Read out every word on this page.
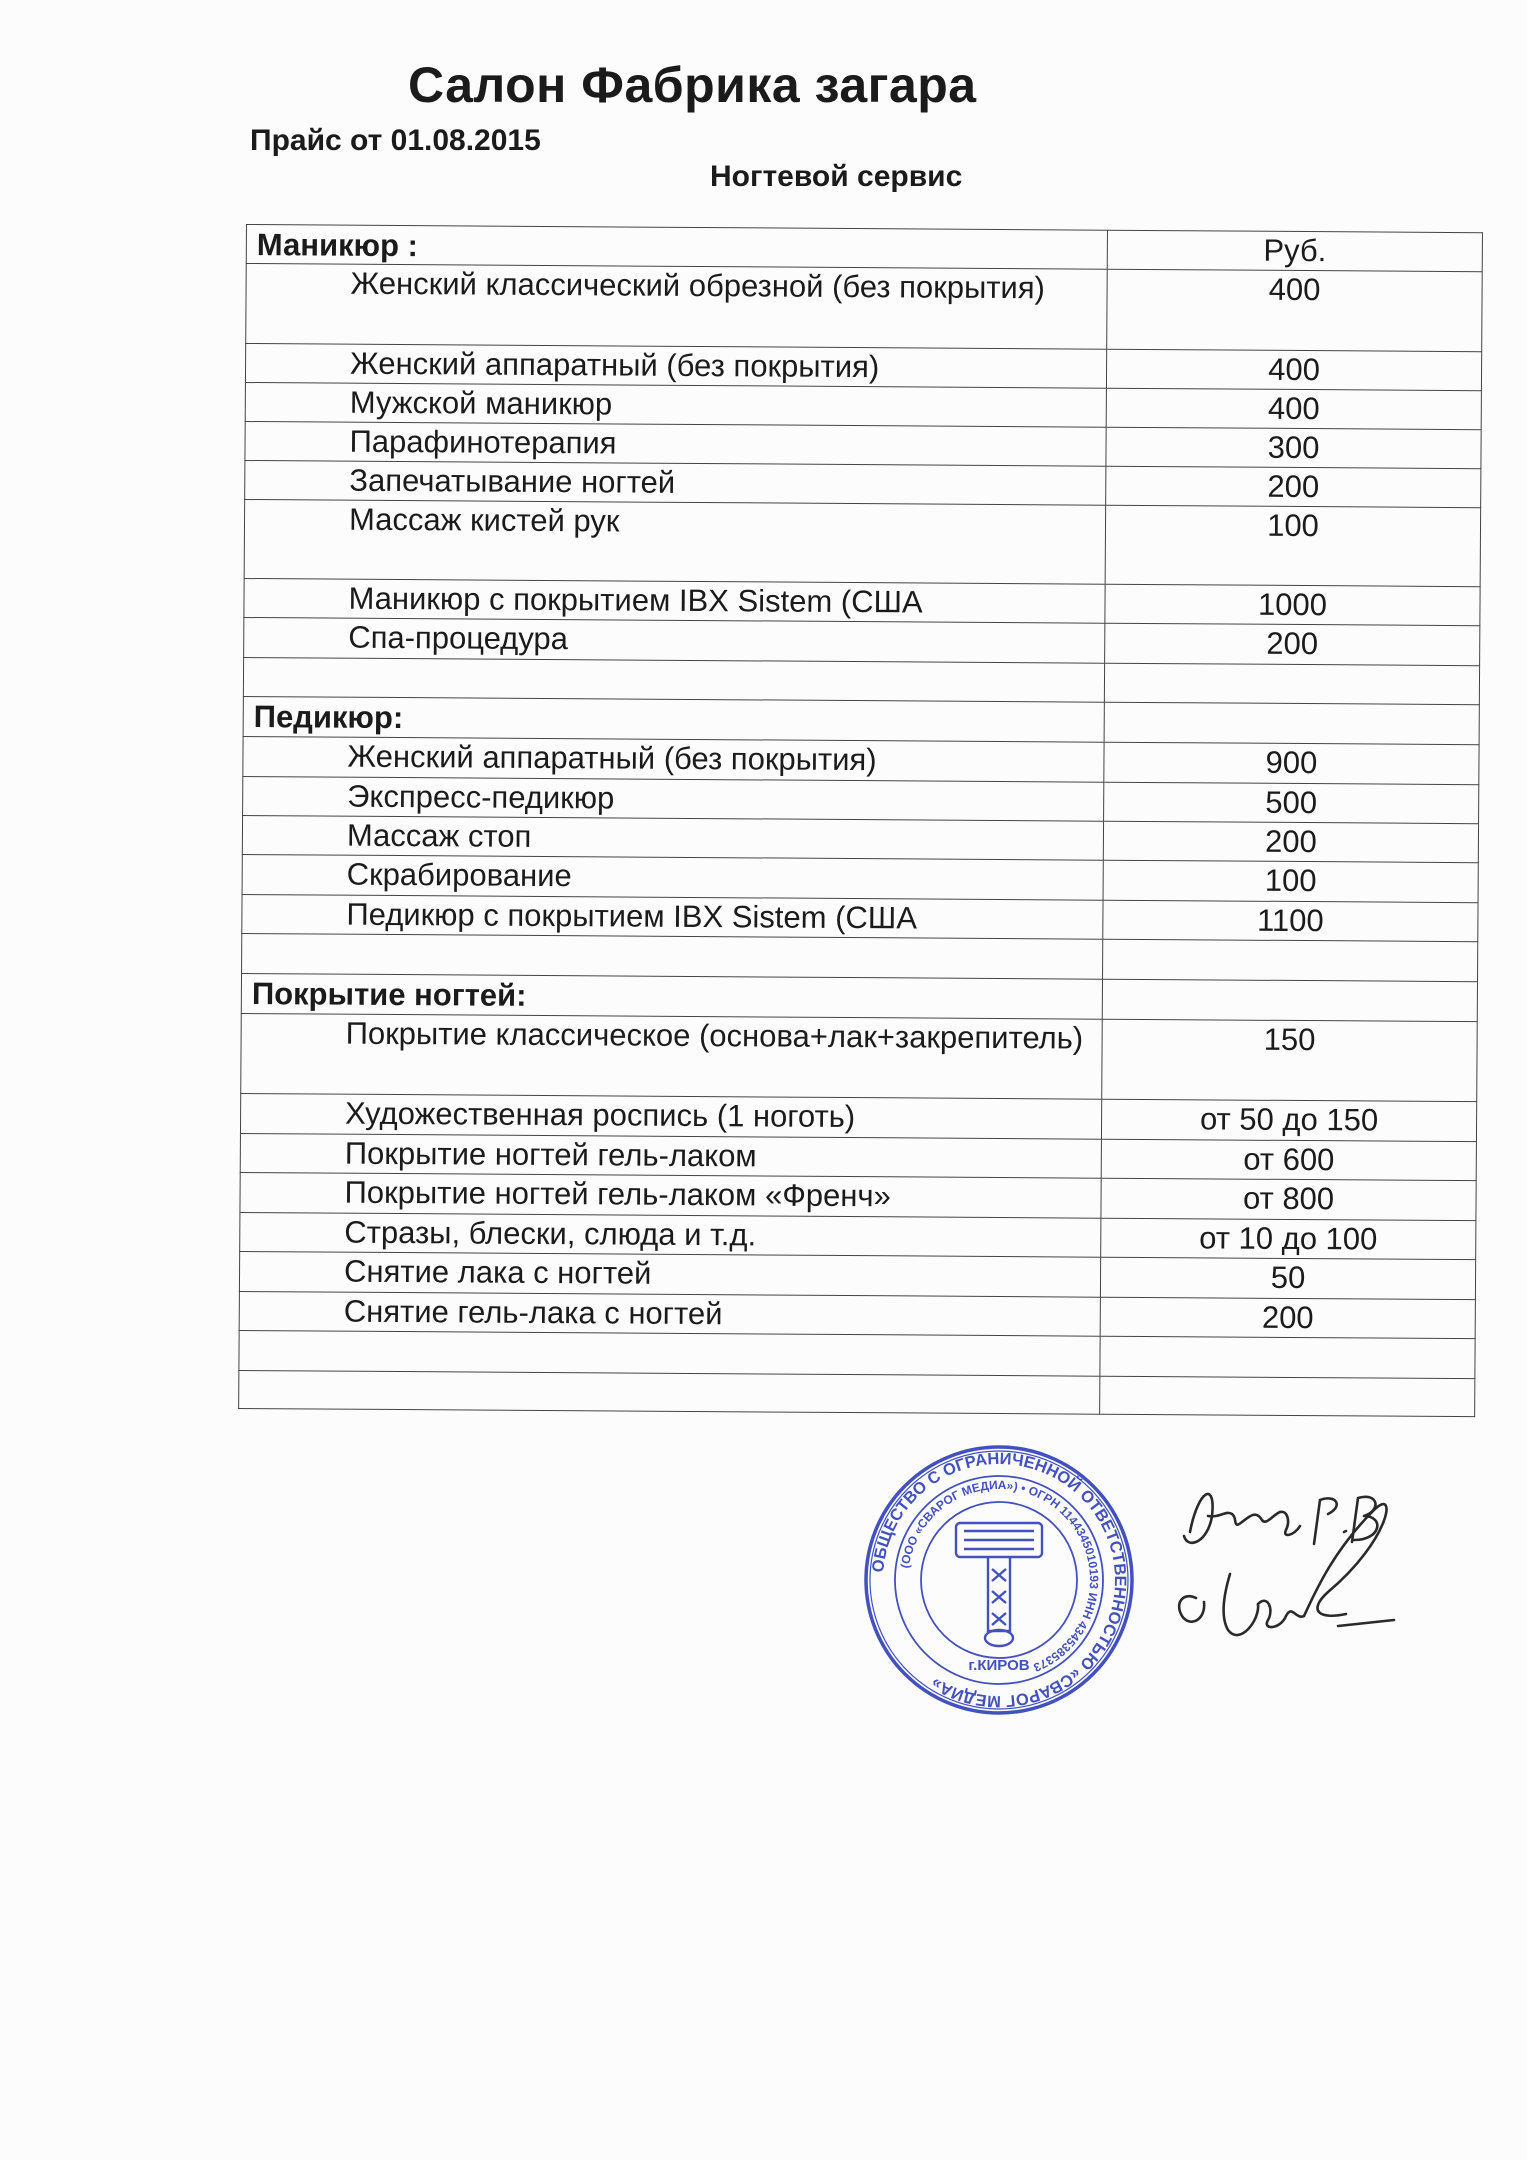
Салон Фабрика загара
Прайс от 01.08.2015
Ногтевой сервис
Маникюр :	Руб.

Женский классический обрезной (без покрытия)	400

Женский аппаратный (без покрытия)	400

Мужской маникюр	400

Парафинотерапия	300

Запечатывание ногтей	200

Массаж кистей рук	100

Маникюр с покрытием IBX Sistem (США	1000

Спа-процедура	200

Педикюр:	

Женский аппаратный (без покрытия)	900

Экспресс-педикюр	500

Массаж стоп	200

Скрабирование	100

Педикюр с покрытием IBX Sistem (США	1100

Покрытие ногтей:	

Покрытие классическое (основа+лак+закрепитель)	150

Художественная роспись (1 ноготь)	от 50 до 150

Покрытие ногтей гель-лаком	от 600

Покрытие ногтей гель-лаком «Френч»	от 800

Стразы, блески, слюда и т.д.	от 10 до 100

Снятие лака с ногтей	50

Снятие гель-лака с ногтей	200

ОБЩЕСТВО С ОГРАНИЧЕННОЙ ОТВЕТСТВЕННОСТЬЮ «СВАРОГ МЕДИА»
(ООО «СВАРОГ МЕДИА») • ОГРН 1144345010193 ИНН 4345385373
г.КИРОВ
